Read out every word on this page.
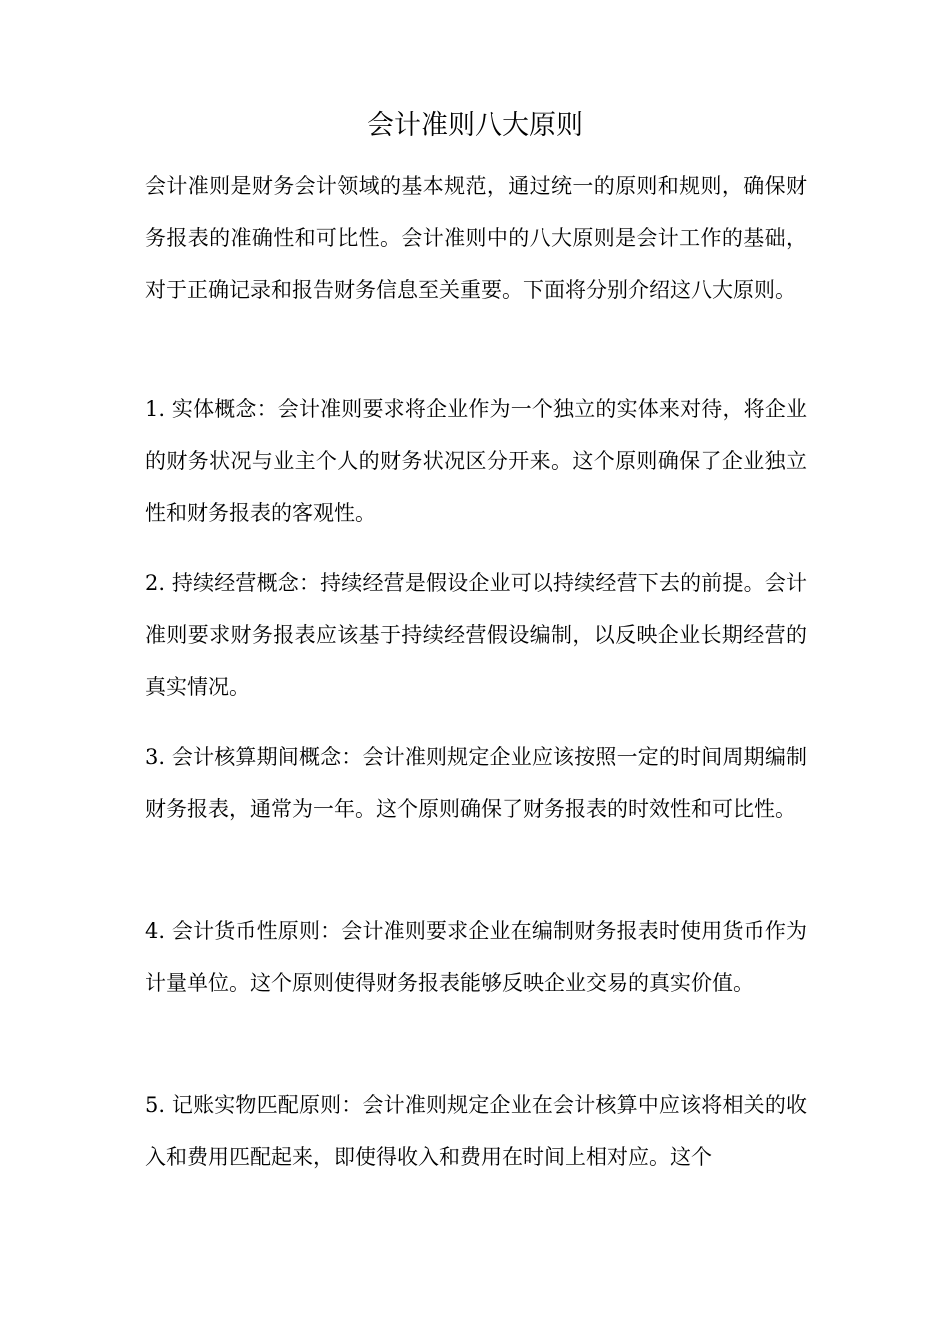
会计准则八大原则

会计准则是财务会计领域的基本规范，通过统一的原则和规则，确保财务报表的准确性和可比性。会计准则中的八大原则是会计工作的基础，对于正确记录和报告财务信息至关重要。下面将分别介绍这八大原则。

1. 实体概念：会计准则要求将企业作为一个独立的实体来对待，将企业的财务状况与业主个人的财务状况区分开来。这个原则确保了企业独立性和财务报表的客观性。

2. 持续经营概念：持续经营是假设企业可以持续经营下去的前提。会计准则要求财务报表应该基于持续经营假设编制，以反映企业长期经营的真实情况。

3. 会计核算期间概念：会计准则规定企业应该按照一定的时间周期编制财务报表，通常为一年。这个原则确保了财务报表的时效性和可比性。

4. 会计货币性原则：会计准则要求企业在编制财务报表时使用货币作为计量单位。这个原则使得财务报表能够反映企业交易的真实价值。

5. 记账实物匹配原则：会计准则规定企业在会计核算中应该将相关的收入和费用匹配起来，即使得收入和费用在时间上相对应。这个
